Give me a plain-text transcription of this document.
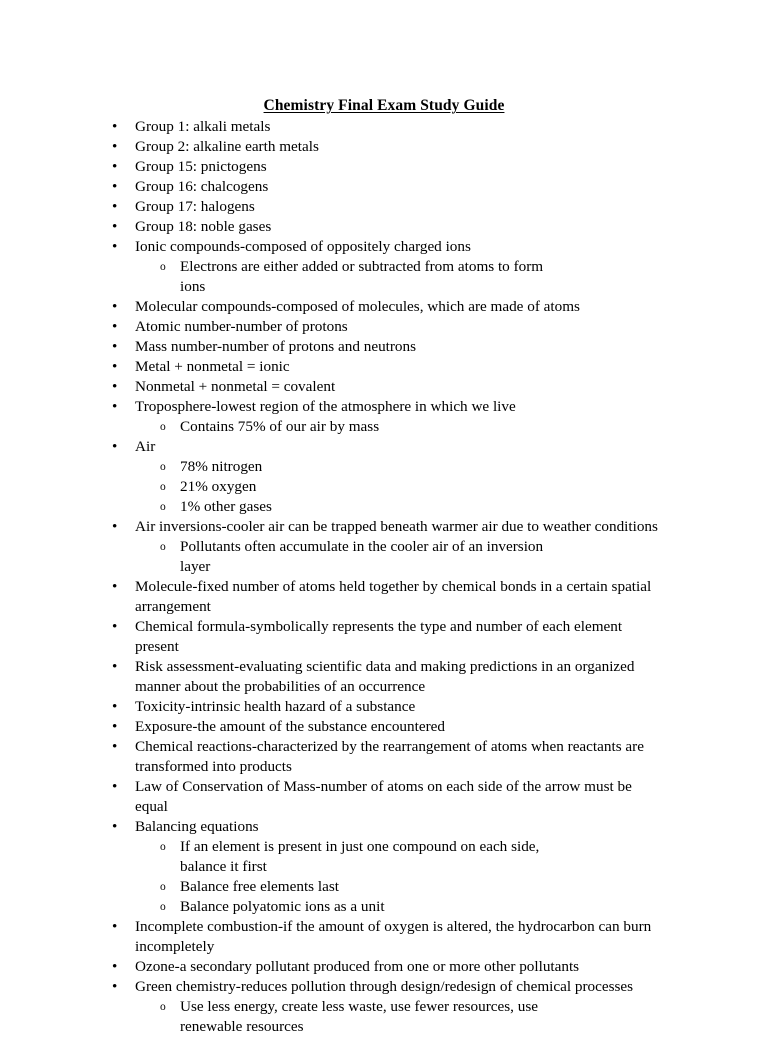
Chemistry Final Exam Study Guide
•	Group 1: alkali metals
•	Group 2: alkaline earth metals
•	Group 15: pnictogens
•	Group 16: chalcogens
•	Group 17: halogens
•	Group 18: noble gases
•	Ionic compounds-composed of oppositely charged ions
o Electrons are either added or subtracted from atoms to form ions
•	Molecular compounds-composed of molecules, which are made of atoms
•	Atomic number-number of protons
•	Mass number-number of protons and neutrons
•	Metal + nonmetal = ionic
•	Nonmetal + nonmetal = covalent
•	Troposphere-lowest region of the atmosphere in which we live
o Contains 75% of our air by mass
•	Air
o 78% nitrogen
o 21% oxygen
o 1% other gases
•	Air inversions-cooler air can be trapped beneath warmer air due to weather conditions
o Pollutants often accumulate in the cooler air of an inversion layer
•	Molecule-fixed number of atoms held together by chemical bonds in a certain spatial arrangement
•	Chemical formula-symbolically represents the type and number of each element present
•	Risk assessment-evaluating scientific data and making predictions in an organized manner about the probabilities of an occurrence
•	Toxicity-intrinsic health hazard of a substance
•	Exposure-the amount of the substance encountered
•	Chemical reactions-characterized by the rearrangement of atoms when reactants are transformed into products
•	Law of Conservation of Mass-number of atoms on each side of the arrow must be equal
•	Balancing equations
o If an element is present in just one compound on each side, balance it first
o Balance free elements last
o Balance polyatomic ions as a unit
•	Incomplete combustion-if the amount of oxygen is altered, the hydrocarbon can burn incompletely
•	Ozone-a secondary pollutant produced from one or more other pollutants
•	Green chemistry-reduces pollution through design/redesign of chemical processes
o Use less energy, create less waste, use fewer resources, use renewable resources
